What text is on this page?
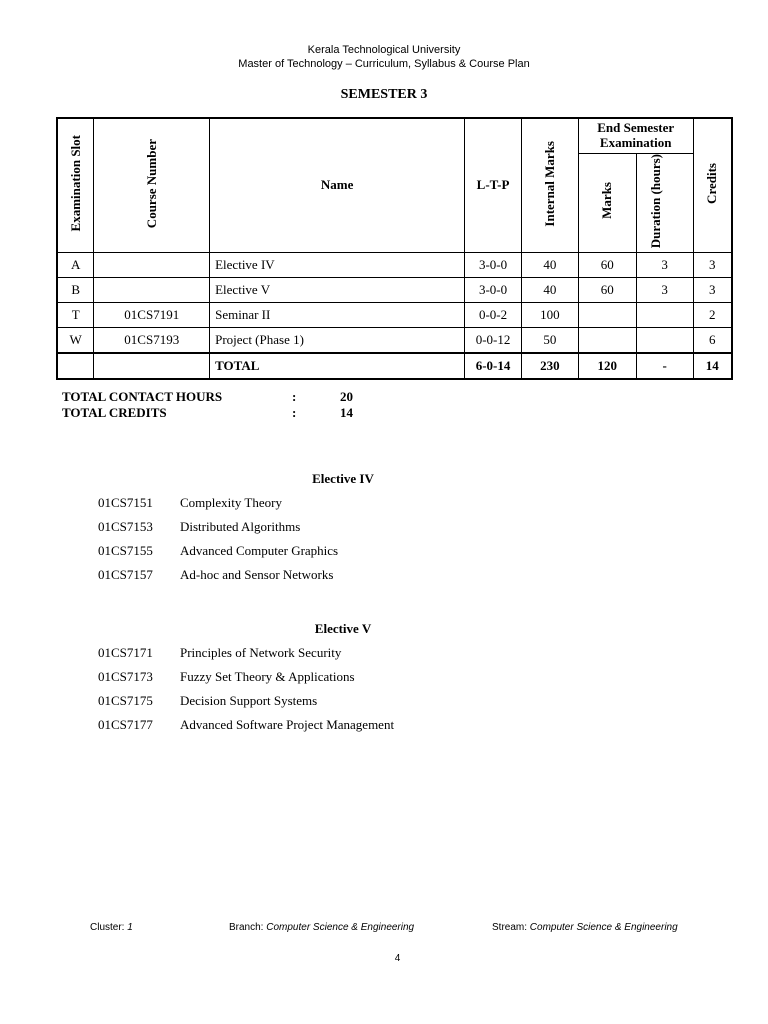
Kerala Technological University
Master of Technology – Curriculum, Syllabus & Course Plan
SEMESTER 3
Examination Slot	Course Number	Name	L-T-P	Internal Marks	End Semester Examination		Credits
					Marks	Duration (hours)	
A		Elective IV	3-0-0	40	60	3	3
B		Elective V	3-0-0	40	60	3	3
T	01CS7191	Seminar II	0-0-2	100			2
W	01CS7193	Project (Phase 1)	0-0-12	50			6
		TOTAL	6-0-14	230	120	-	14
TOTAL CONTACT HOURS	:	20
TOTAL CREDITS	:	14
Elective IV
01CS7151 Complexity Theory
01CS7153 Distributed Algorithms
01CS7155 Advanced Computer Graphics
01CS7157 Ad-hoc and Sensor Networks
Elective V
01CS7171 Principles of Network Security
01CS7173 Fuzzy Set Theory & Applications
01CS7175 Decision Support Systems
01CS7177 Advanced Software Project Management
Cluster: 1	Branch: Computer Science & Engineering	Stream: Computer Science & Engineering
4
